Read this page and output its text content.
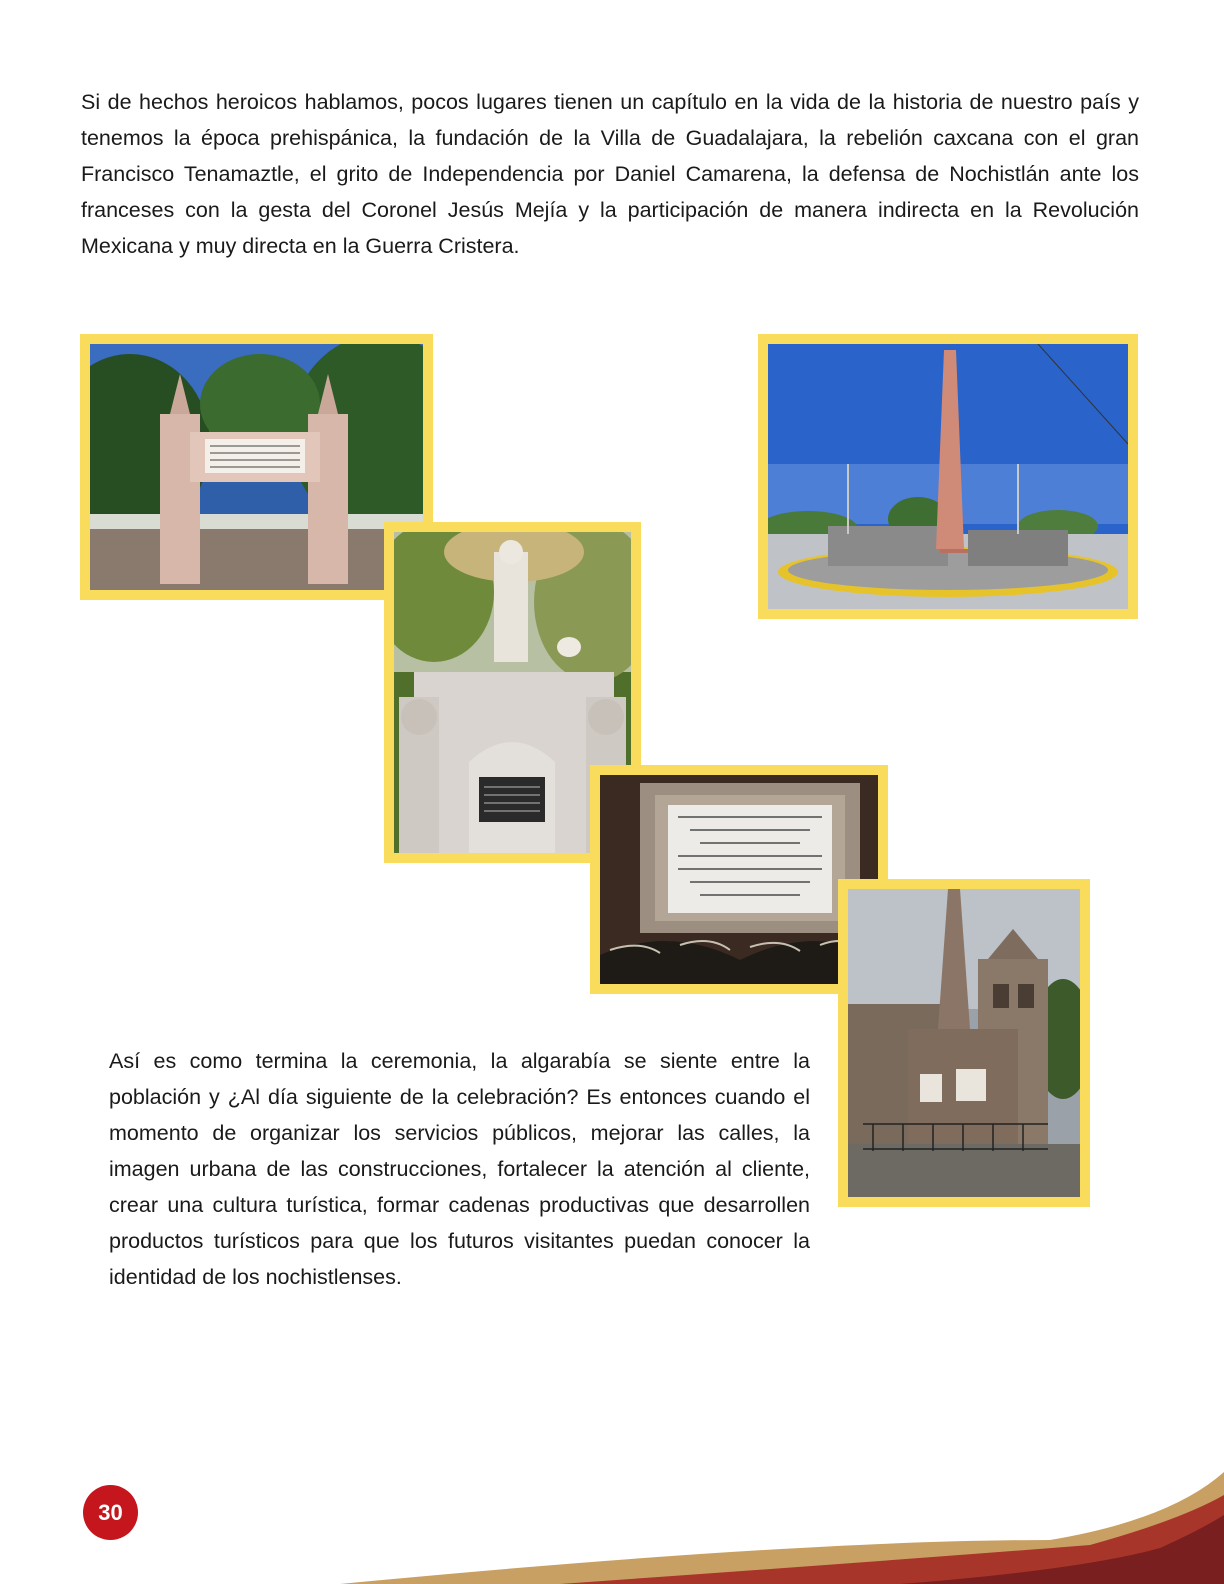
Si de hechos heroicos hablamos, pocos lugares tienen un capítulo en la vida de la historia de nuestro país y tenemos la época prehispánica, la fundación de la Villa de Guadalajara, la rebelión caxcana con el gran Francisco Tenamaztle, el grito de Independencia por Daniel Camarena, la defensa de Nochistlán ante los franceses con la gesta del Coronel Jesús Mejía y la participación de manera indirecta en la Revolución Mexicana y muy directa en la Guerra Cristera.

Así es como termina la ceremonia, la algarabía se siente entre la población y ¿Al día siguiente de la celebración? Es entonces cuando el momento de organizar los servicios públicos, mejorar las calles, la imagen urbana de las construcciones, fortalecer la atención al cliente, crear una cultura turística, formar cadenas productivas que desarrollen productos turísticos para que los futuros visitantes puedan conocer la identidad de los nochistlenses.

30
